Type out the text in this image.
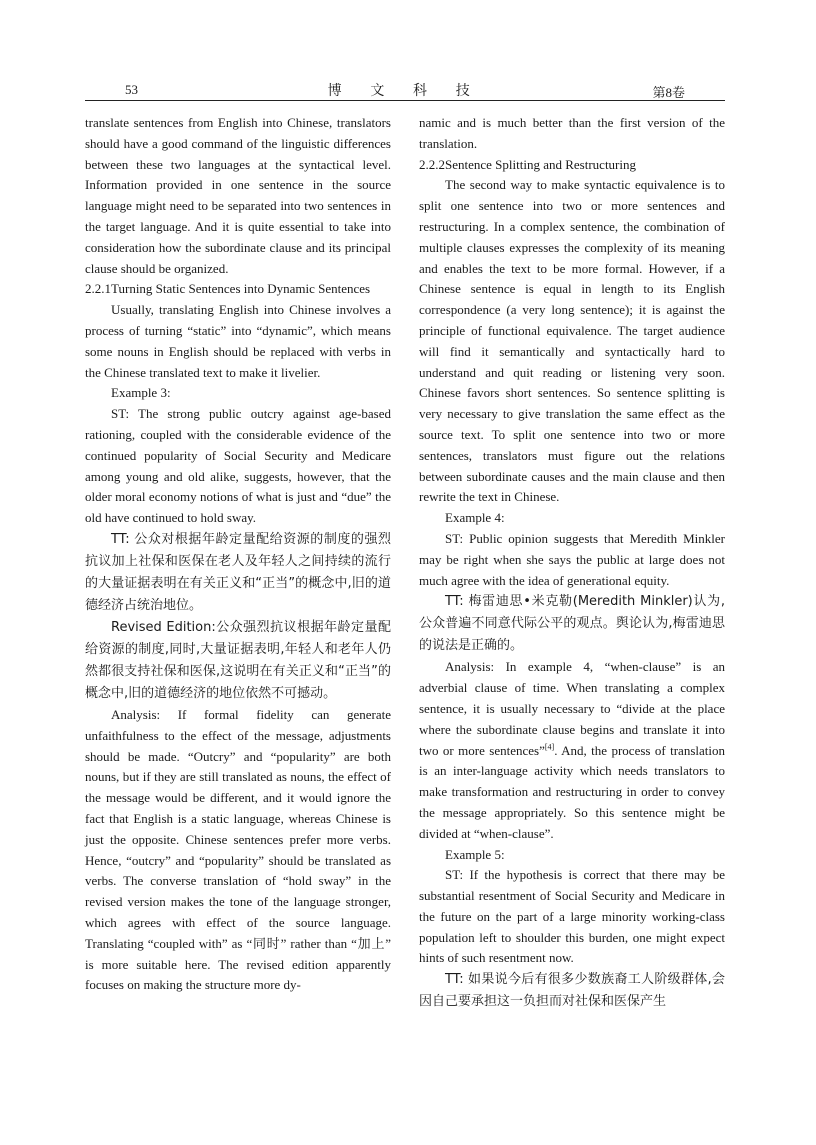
53	博 文 科 技	第8卷

translate sentences from English into Chinese, translators should have a good command of the linguistic differences between these two languages at the syntactical level. Information provided in one sentence in the source language might need to be separated into two sentences in the target language. And it is quite essential to take into consideration how the subordinate clause and its principal clause should be organized.

2.2.1Turning Static Sentences into Dynamic Sentences

Usually, translating English into Chinese involves a process of turning “static” into “dynamic”, which means some nouns in English should be replaced with verbs in the Chinese translated text to make it livelier.

Example 3:

ST: The strong public outcry against age-based rationing, coupled with the considerable evidence of the continued popularity of Social Security and Medicare among young and old alike, suggests, however, that the older moral economy notions of what is just and “due” the old have continued to hold sway.

TT: 公众对根据年龄定量配给资源的制度的强烈抗议加上社保和医保在老人及年轻人之间持续的流行的大量证据表明在有关正义和“正当”的概念中,旧的道德经济占统治地位。

Revised Edition:公众强烈抗议根据年龄定量配给资源的制度,同时,大量证据表明,年轻人和老年人仍然都很支持社保和医保,这说明在有关正义和“正当”的概念中,旧的道德经济的地位依然不可撼动。

Analysis: If formal fidelity can generate unfaithfulness to the effect of the message, adjustments should be made. “Outcry” and “popularity” are both nouns, but if they are still translated as nouns, the effect of the message would be different, and it would ignore the fact that English is a static language, whereas Chinese is just the opposite. Chinese sentences prefer more verbs. Hence, “outcry” and “popularity” should be translated as verbs. The converse translation of “hold sway” in the revised version makes the tone of the language stronger, which agrees with effect of the source language. Translating “coupled with” as “同时” rather than “加上” is more suitable here. The revised edition apparently focuses on making the structure more dy-

namic and is much better than the first version of the translation.

2.2.2Sentence Splitting and Restructuring

The second way to make syntactic equivalence is to split one sentence into two or more sentences and restructuring. In a complex sentence, the combination of multiple clauses expresses the complexity of its meaning and enables the text to be more formal. However, if a Chinese sentence is equal in length to its English correspondence (a very long sentence); it is against the principle of functional equivalence. The target audience will find it semantically and syntactically hard to understand and quit reading or listening very soon. Chinese favors short sentences. So sentence splitting is very necessary to give translation the same effect as the source text. To split one sentence into two or more sentences, translators must figure out the relations between subordinate causes and the main clause and then rewrite the text in Chinese.

Example 4:

ST: Public opinion suggests that Meredith Minkler may be right when she says the public at large does not much agree with the idea of generational equity.

TT: 梅雷迪思•米克勒(Meredith Minkler)认为,公众普遍不同意代际公平的观点。舆论认为,梅雷迪思的说法是正确的。

Analysis: In example 4, “when-clause” is an adverbial clause of time. When translating a complex sentence, it is usually necessary to “divide at the place where the subordinate clause begins and translate it into two or more sentences”[4]. And, the process of translation is an inter-language activity which needs translators to make transformation and restructuring in order to convey the message appropriately. So this sentence might be divided at “when-clause”.

Example 5:

ST: If the hypothesis is correct that there may be substantial resentment of Social Security and Medicare in the future on the part of a large minority working-class population left to shoulder this burden, one might expect hints of such resentment now.

TT: 如果说今后有很多少数族裔工人阶级群体,会因自己要承担这一负担而对社保和医保产生
